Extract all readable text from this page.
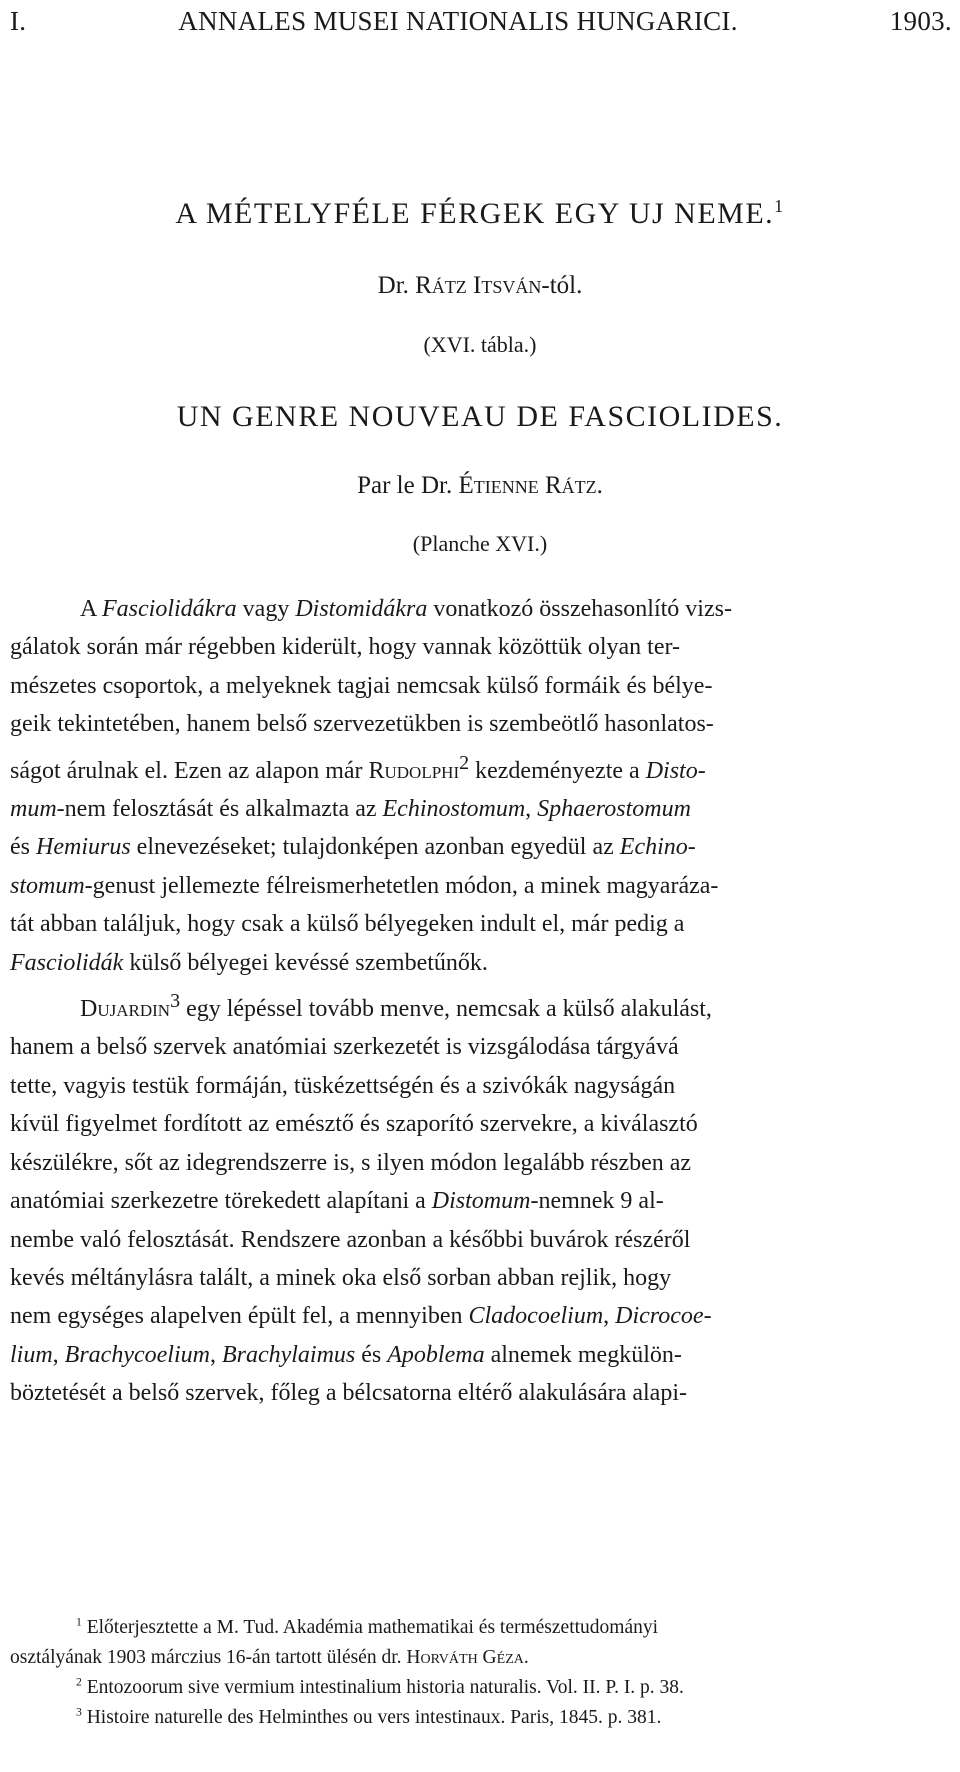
I.	ANNALES MUSEI NATIONALIS HUNGARICI.	1903.
A MÉTELYFÉLE FÉRGEK EGY UJ NEME.$^1$
Dr. Rátz Itsván-tól.
(XVI. tábla.)
UN GENRE NOUVEAU DE FASCIOLIDES.
Par le Dr. Étienne Rátz.
(Planche XVI.)
A Fasciolidákra vagy Distomidákra vonatkozó összehasonlító vizs-
gálatok során már régebben kiderült, hogy vannak közöttük olyan ter-
mészetes csoportok, a melyeknek tagjai nemcsak külső formáik és bélye-
geik tekintetében, hanem belső szervezetükben is szembeötlő hasonlatos-
ságot árulnak el. Ezen az alapon már Rudolphi$^2$ kezdeményezte a Disto-
mum-nem felosztását és alkalmazta az Echinostomum, Sphaerostomum
és Hemiurus elnevezéseket; tulajdonképen azonban egyedül az Echino-
stomum-genust jellemezte félreismerhetetlen módon, a minek magyaráza-
tát abban találjuk, hogy csak a külső bélyegeken indult el, már pedig a
Fasciolidák külső bélyegei kevéssé szembetűnők.
Dujardin$^3$ egy lépéssel tovább menve, nemcsak a külső alakulást,
hanem a belső szervek anatómiai szerkezetét is vizsgálodása tárgyává
tette, vagyis testük formáján, tüskézettségén és a szivókák nagyságán
kívül figyelmet fordított az emésztő és szaporító szervekre, a kiválasztó
készülékre, sőt az idegrendszerre is, s ilyen módon legalább részben az
anatómiai szerkezetre törekedett alapítani a Distomum-nemnek 9 al-
nembe való felosztását. Rendszere azonban a későbbi buvárok részéről
kevés méltánylásra talált, a minek oka első sorban abban rejlik, hogy
nem egységes alapelven épült fel, a mennyiben Cladocoelium, Dicrocoe-
lium, Brachycoelium, Brachylaimus és Apoblema alnemek megkülön-
böztetését a belső szervek, főleg a bélcsatorna eltérő alakulására alapi-
$^1$ Előterjesztette a M. Tud. Akadémia mathematikai és természettudományi
osztályának 1903 márczius 16-án tartott ülésén dr. Horváth Géza.
$^2$ Entozoorum sive vermium intestinalium historia naturalis. Vol. II. P. I. p. 38.
$^3$ Histoire naturelle des Helminthes ou vers intestinaux. Paris, 1845. p. 381.
